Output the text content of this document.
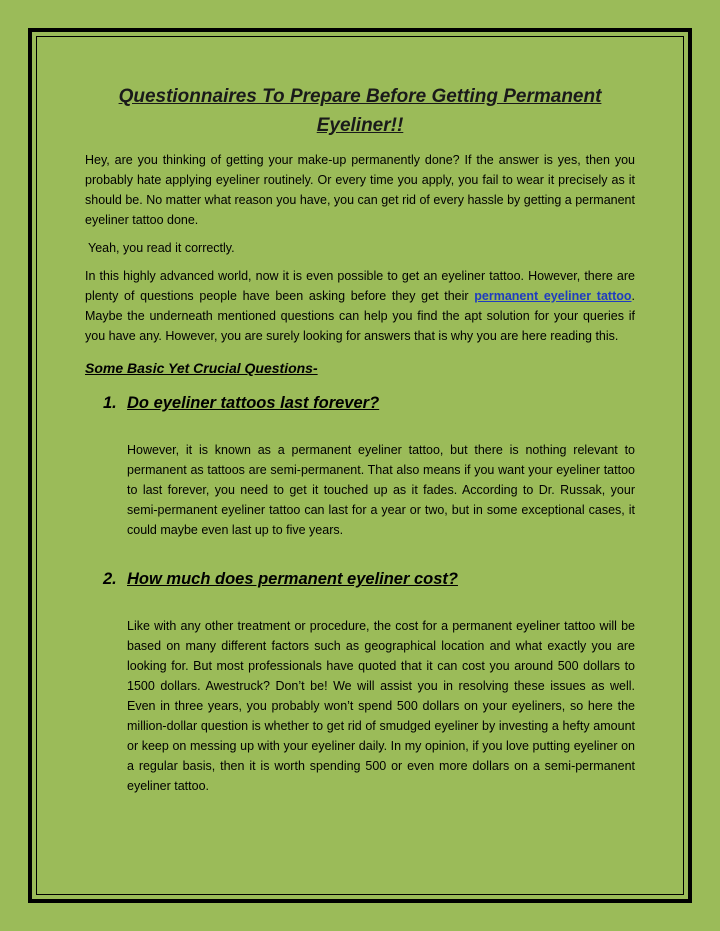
Questionnaires To Prepare Before Getting Permanent
Eyeliner!!

Hey, are you thinking of getting your make-up permanently done? If the answer is yes, then you probably hate applying eyeliner routinely. Or every time you apply, you fail to wear it precisely as it should be. No matter what reason you have, you can get rid of every hassle by getting a permanent eyeliner tattoo done.

Yeah, you read it correctly.

In this highly advanced world, now it is even possible to get an eyeliner tattoo. However, there are plenty of questions people have been asking before they get their permanent eyeliner tattoo. Maybe the underneath mentioned questions can help you find the apt solution for your queries if you have any. However, you are surely looking for answers that is why you are here reading this.

Some Basic Yet Crucial Questions-
1. Do eyeliner tattoos last forever?

However, it is known as a permanent eyeliner tattoo, but there is nothing relevant to permanent as tattoos are semi-permanent. That also means if you want your eyeliner tattoo to last forever, you need to get it touched up as it fades. According to Dr. Russak, your semi-permanent eyeliner tattoo can last for a year or two, but in some exceptional cases, it could maybe even last up to five years.

2. How much does permanent eyeliner cost?

Like with any other treatment or procedure, the cost for a permanent eyeliner tattoo will be based on many different factors such as geographical location and what exactly you are looking for. But most professionals have quoted that it can cost you around 500 dollars to 1500 dollars. Awestruck? Don’t be! We will assist you in resolving these issues as well. Even in three years, you probably won’t spend 500 dollars on your eyeliners, so here the million-dollar question is whether to get rid of smudged eyeliner by investing a hefty amount or keep on messing up with your eyeliner daily. In my opinion, if you love putting eyeliner on a regular basis, then it is worth spending 500 or even more dollars on a semi-permanent eyeliner tattoo.
